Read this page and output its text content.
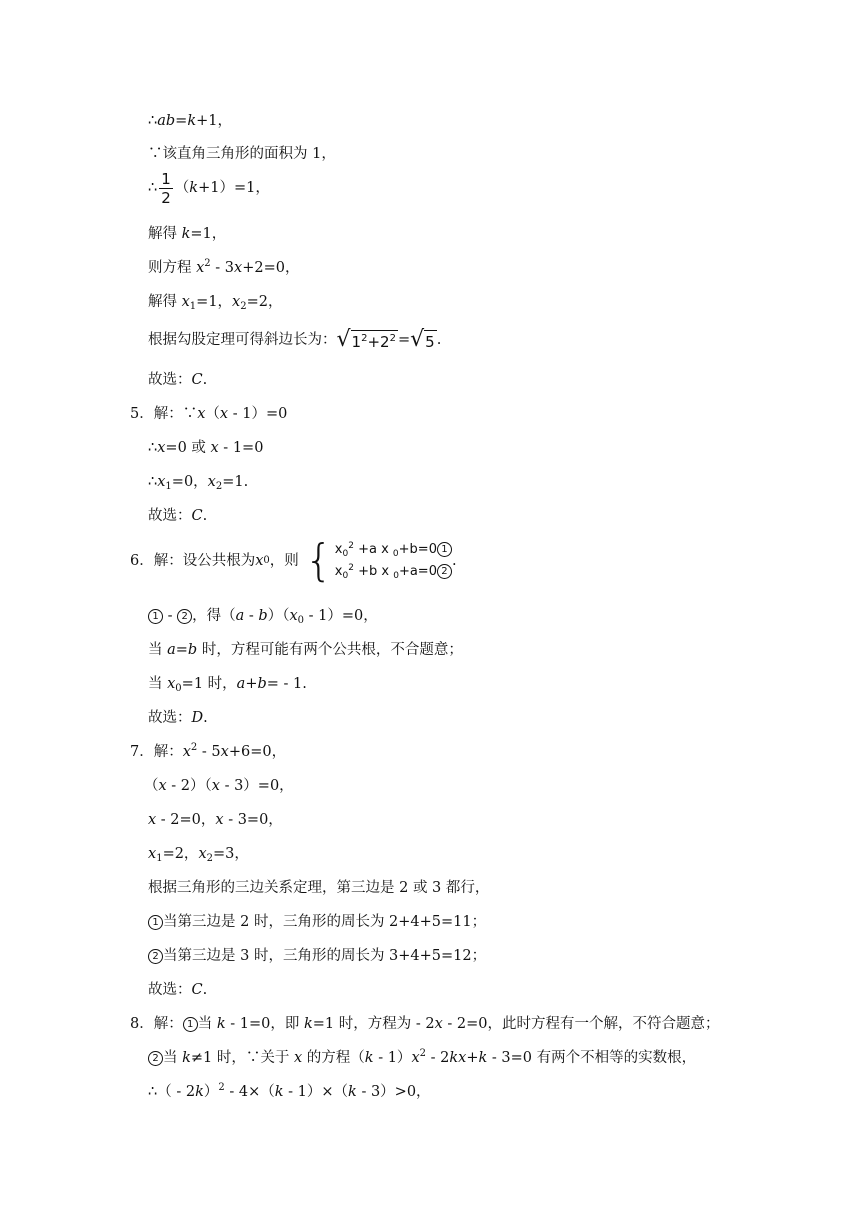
∴ab=k+1，
∵该直角三角形的面积为 1，
∴ $\frac{1}{2} (k+1)=1$，
解得 k=1，
则方程 $x^2 - 3x+2=0$，
解得 $x_1=1$，$x_2=2$，
根据勾股定理可得斜边长为： √ $1^2+2^2$ = √ 5 .
故选：C.
5．解：∵x（x - 1）=0
∴x=0 或 x - 1=0
$\therefore x_1=0$，$x_2=1$.
故选：C.
6． 解：设公共根为 x 0 ，则 { $x_0^2 +a$ x $_0$+b=0 1
$x_0^2 +b$ x $_0$+a=0 2
.
1 - 2 ，得$(a - b)(x_0 - 1)=0$，
当 a=b 时，方程可能有两个公共根，不合题意；
当 $x_0=1$ 时，a+b= - 1.
故选：D.
7．解：$x^2 - 5x+6=0$，
（x - 2）（x - 3）=0，
x - 2=0，x - 3=0，
$x_1=2$，$x_2=3$，
根据三角形的三边关系定理，第三边是 2 或 3 都行，
1 当第三边是 2 时，三角形的周长为 2+4+5=11；
2 当第三边是 3 时，三角形的周长为 3+4+5=12；
故选：C.
8．解： 1 当 k - 1=0，即 k=1 时，方程为 - 2x - 2=0，此时方程有一个解，不符合题意；
2 当 k≠1 时，∵关于 x 的方程$(k - 1)x^2 - 2kx+k - 3=0$ 有两个不相等的实数根，
∴（ - 2k）$^2$ - 4×（k - 1）×（k - 3）>0，
